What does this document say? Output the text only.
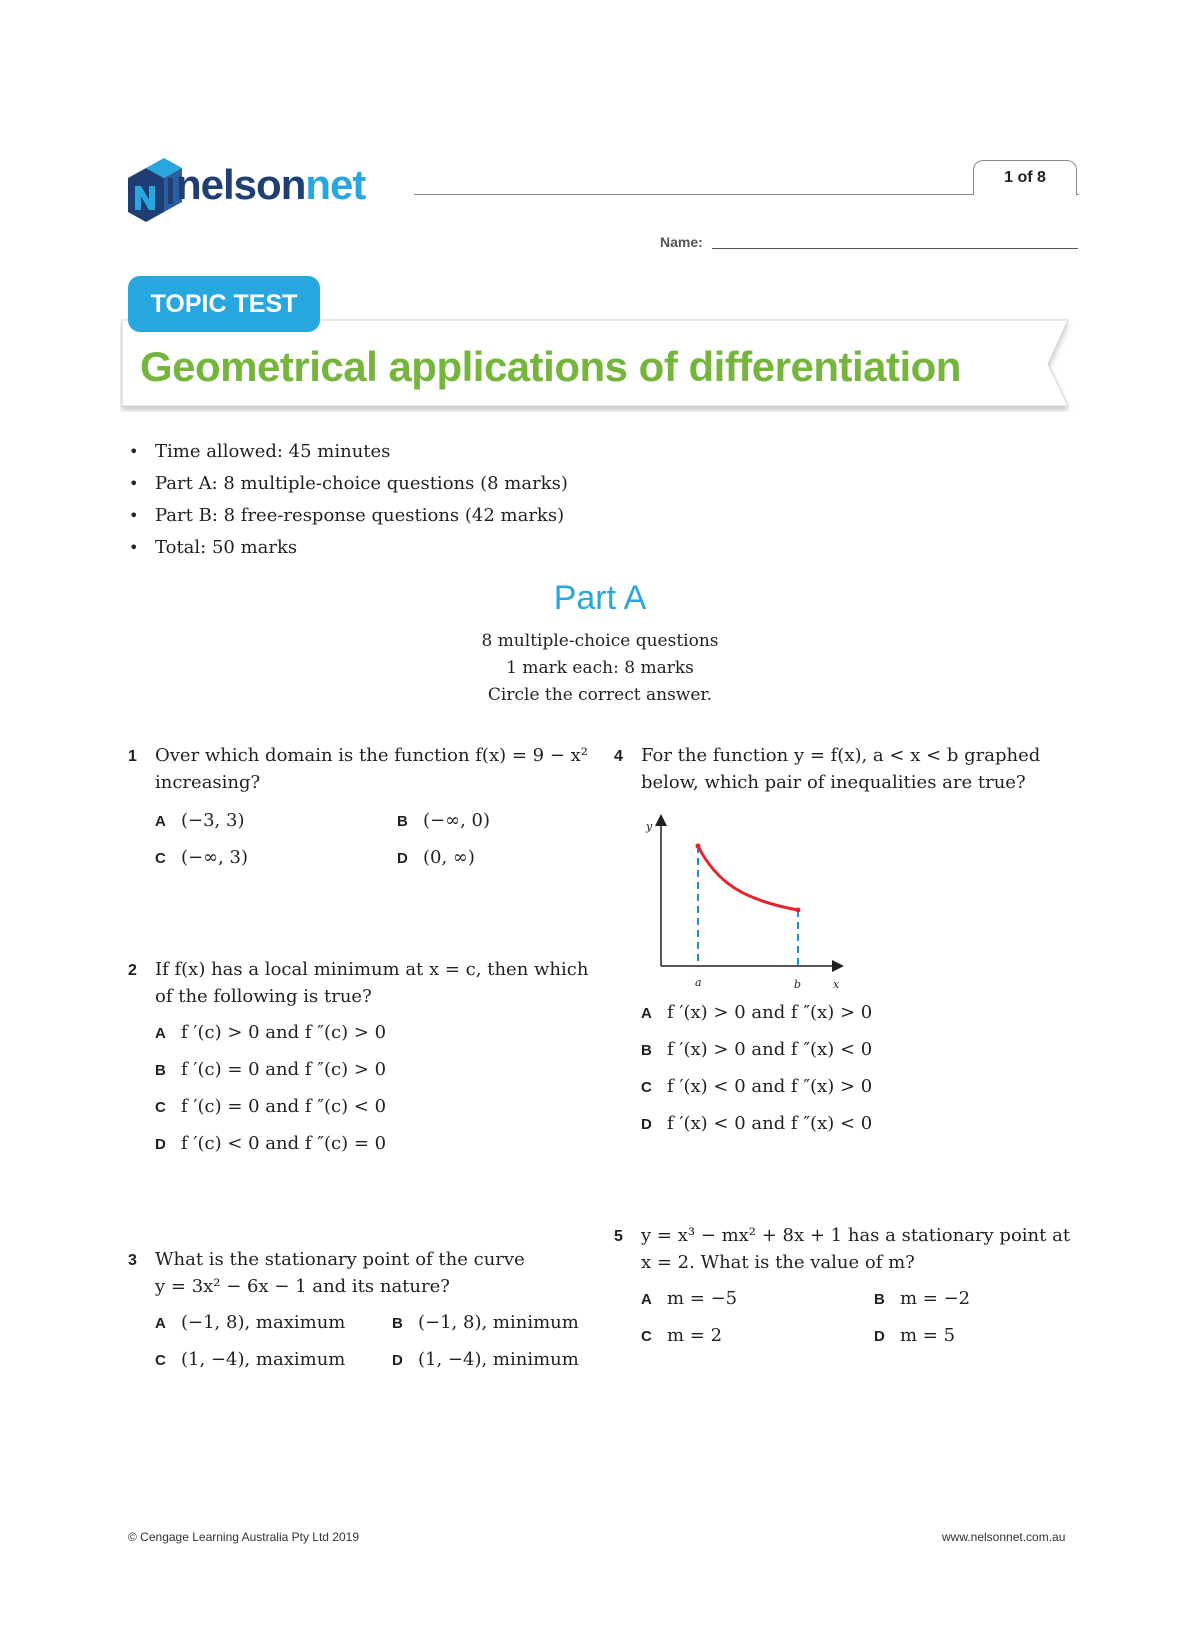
nelsonnet	1 of 8
Name:
TOPIC TEST
Geometrical applications of differentiation
• Time allowed: 45 minutes
• Part A: 8 multiple-choice questions (8 marks)
• Part B: 8 free-response questions (42 marks)
• Total: 50 marks
Part A
8 multiple-choice questions
1 mark each: 8 marks
Circle the correct answer.
1 Over which domain is the function f(x) = 9 − x²
increasing?
A (−3, 3)	B (−∞, 0)
C (−∞, 3)	D (0, ∞)
2 If f(x) has a local minimum at x = c, then which
of the following is true?
A f ′(c) > 0 and f ″(c) > 0
B f ′(c) = 0 and f ″(c) > 0
C f ′(c) = 0 and f ″(c) < 0
D f ′(c) < 0 and f ″(c) = 0
3 What is the stationary point of the curve
y = 3x² − 6x − 1 and its nature?
A (−1, 8), maximum	B (−1, 8), minimum
C (1, −4), maximum	D (1, −4), minimum
4 For the function y = f(x), a < x < b graphed
below, which pair of inequalities are true?
y
x
a	b
A f ′(x) > 0 and f ″(x) > 0
B f ′(x) > 0 and f ″(x) < 0
C f ′(x) < 0 and f ″(x) > 0
D f ′(x) < 0 and f ″(x) < 0
5 y = x³ − mx² + 8x + 1 has a stationary point at
x = 2. What is the value of m?
A m = −5	B m = −2
C m = 2	D m = 5
© Cengage Learning Australia Pty Ltd 2019	www.nelsonnet.com.au
